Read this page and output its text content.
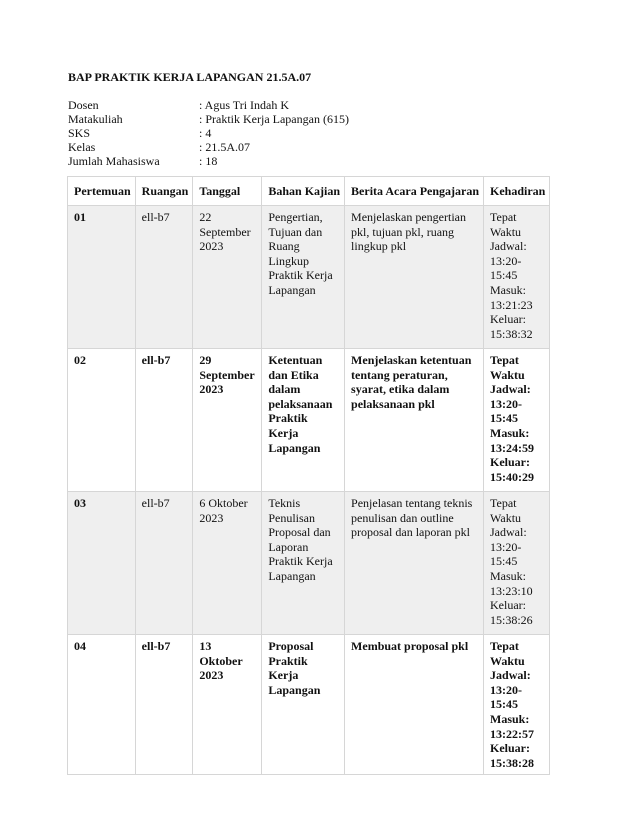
BAP PRAKTIK KERJA LAPANGAN 21.5A.07
Dosen	: Agus Tri Indah K
Matakuliah	: Praktik Kerja Lapangan (615)
SKS	: 4
Kelas	: 21.5A.07
Jumlah Mahasiswa	: 18
Pertemuan	Ruangan	Tanggal	Bahan Kajian	Berita Acara Pengajaran	Kehadiran
01	ell-b7	22 September 2023	Pengertian, Tujuan dan Ruang Lingkup Praktik Kerja Lapangan	Menjelaskan pengertian pkl, tujuan pkl, ruang lingkup pkl	Tepat Waktu Jadwal: 13:20-15:45 Masuk: 13:21:23 Keluar: 15:38:32
02	ell-b7	29 September 2023	Ketentuan dan Etika dalam pelaksanaan Praktik Kerja Lapangan	Menjelaskan ketentuan tentang peraturan, syarat, etika dalam pelaksanaan pkl	Tepat Waktu Jadwal: 13:20-15:45 Masuk: 13:24:59 Keluar: 15:40:29
03	ell-b7	6 Oktober 2023	Teknis Penulisan Proposal dan Laporan Praktik Kerja Lapangan	Penjelasan tentang teknis penulisan dan outline proposal dan laporan pkl	Tepat Waktu Jadwal: 13:20-15:45 Masuk: 13:23:10 Keluar: 15:38:26
04	ell-b7	13 Oktober 2023	Proposal Praktik Kerja Lapangan	Membuat proposal pkl	Tepat Waktu Jadwal: 13:20-15:45 Masuk: 13:22:57 Keluar: 15:38:28
